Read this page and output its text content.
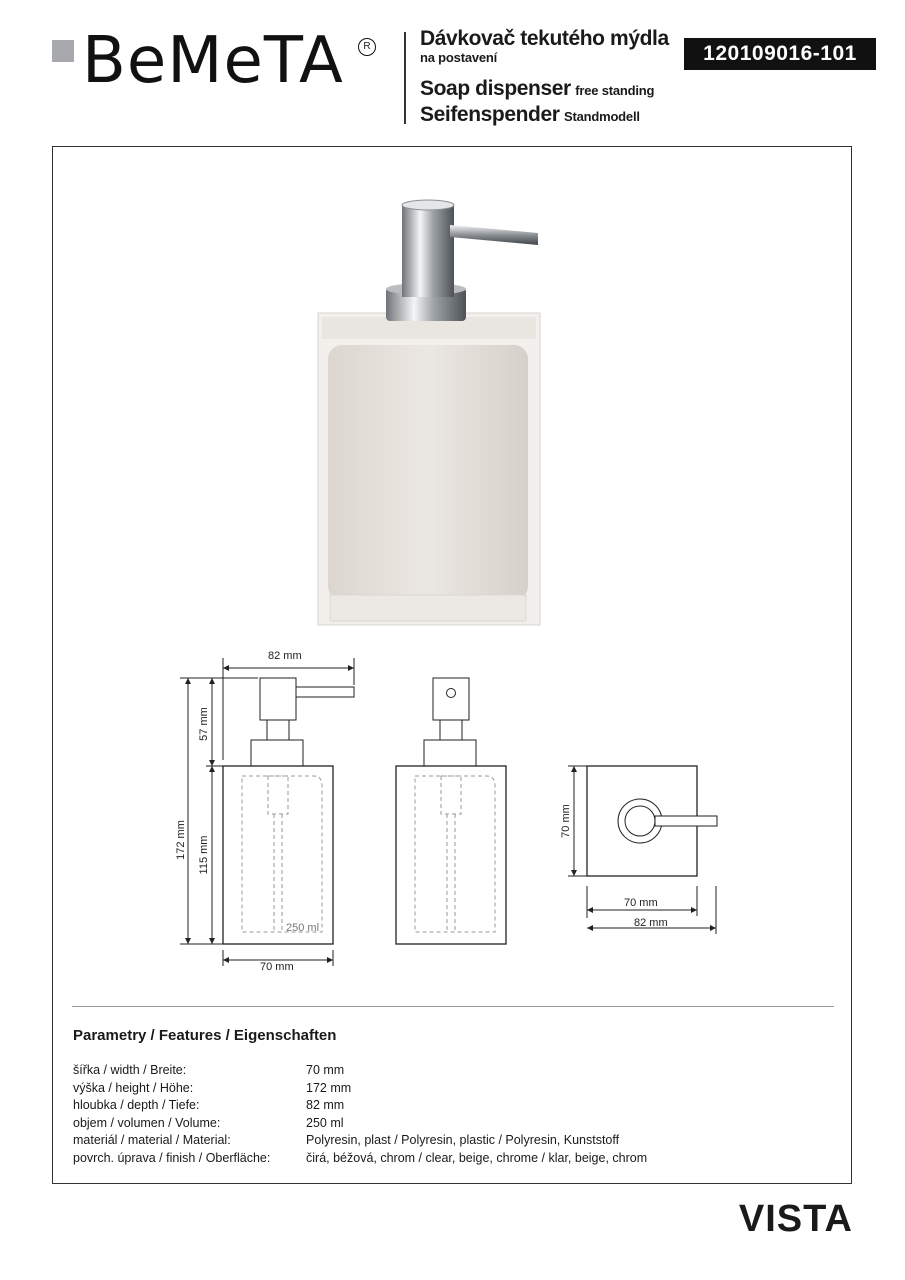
BeMeTA	R Dávkovač tekutého mýdla
na postavení
Soap dispenser free standing
Seifenspender Standmodell
120109016-101
82 mm
70 mm
250 ml
172 mm
57 mm
115 mm
70 mm
70 mm
82 mm
Parametry / Features / Eigenschaften
šířka / width / Breite:	70 mm
výška / height / Höhe:	172 mm
hloubka / depth / Tiefe:	82 mm
objem / volumen / Volume:	250 ml
materiál / material / Material:	Polyresin, plast / Polyresin, plastic / Polyresin, Kunststoff
povrch. úprava / finish / Oberfläche:	čirá, béžová, chrom / clear, beige, chrome / klar, beige, chrom
VISTA
